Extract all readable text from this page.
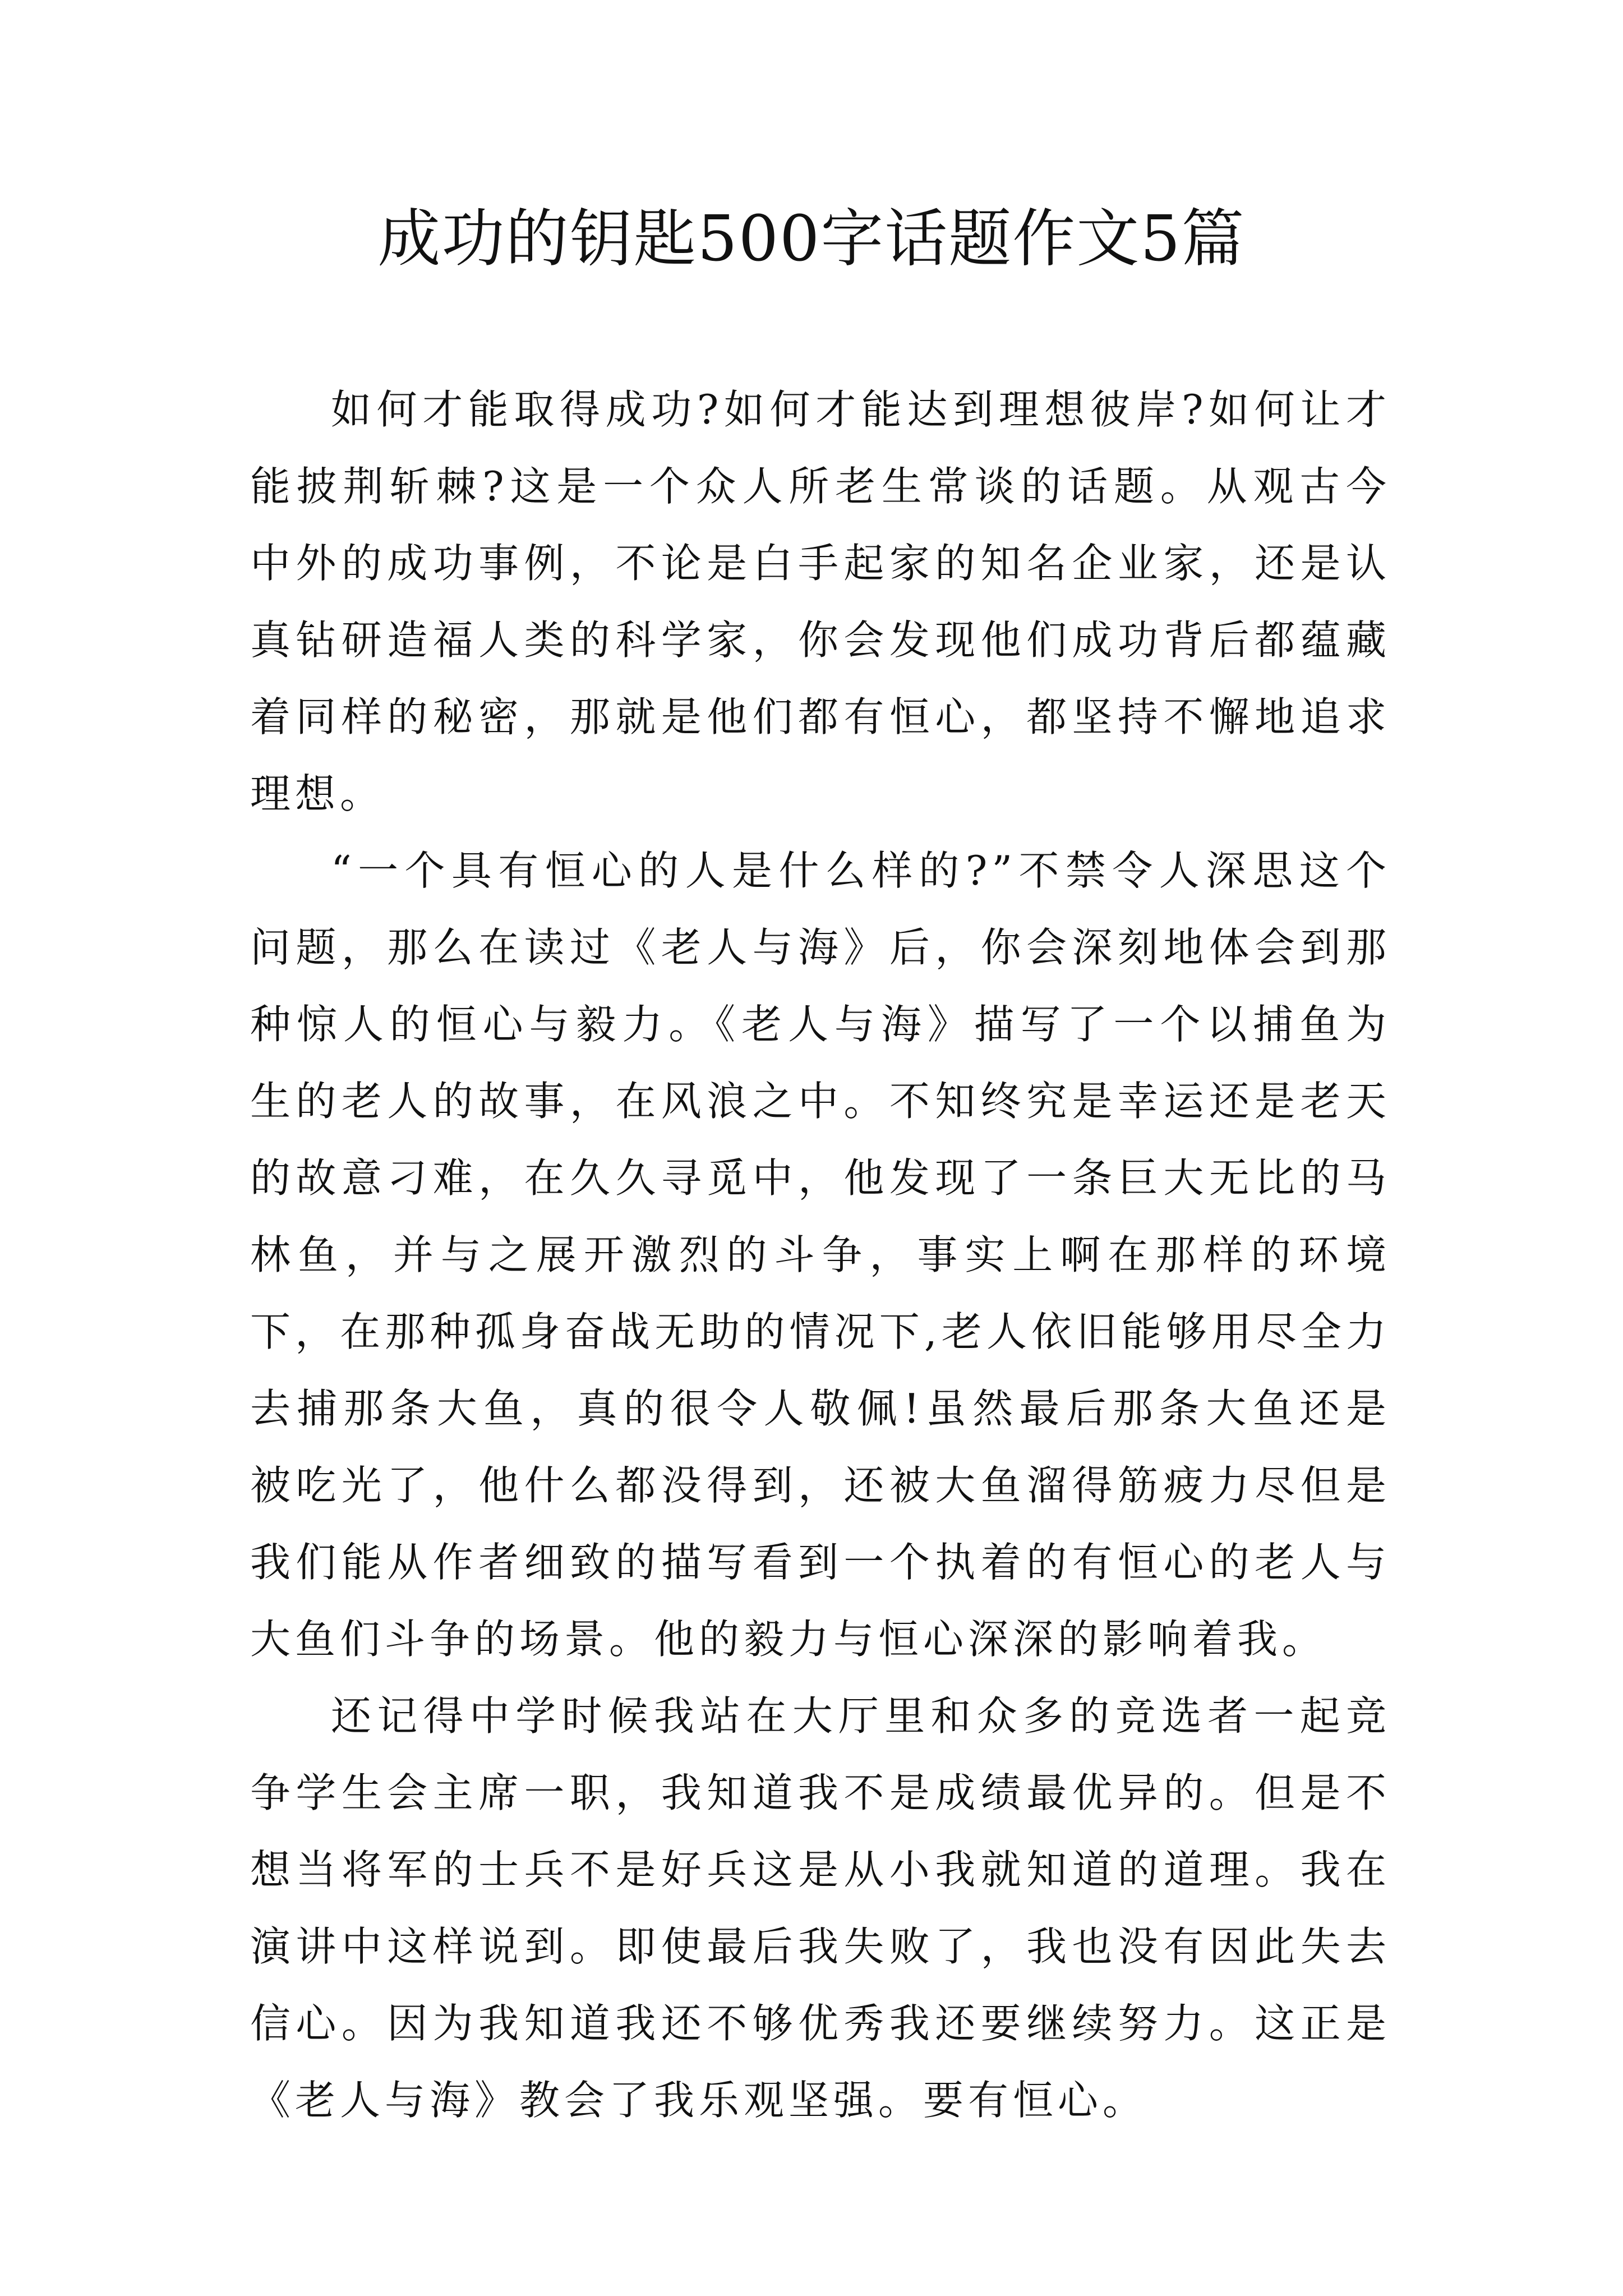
成功的钥匙500字话题作文5篇

如何才能取得成功?如何才能达到理想彼岸?如何让才能披荆斩棘?这是一个众人所老生常谈的话题。从观古今中外的成功事例，不论是白手起家的知名企业家，还是认真钻研造福人类的科学家，你会发现他们成功背后都蕴藏着同样的秘密，那就是他们都有恒心，都坚持不懈地追求理想。

“一个具有恒心的人是什么样的?”不禁令人深思这个问题，那么在读过《老人与海》后，你会深刻地体会到那种惊人的恒心与毅力。《老人与海》描写了一个以捕鱼为生的老人的故事，在风浪之中。不知终究是幸运还是老天的故意刁难，在久久寻觅中，他发现了一条巨大无比的马林鱼，并与之展开激烈的斗争，事实上啊在那样的环境下，在那种孤身奋战无助的情况下,老人依旧能够用尽全力去捕那条大鱼，真的很令人敬佩!虽然最后那条大鱼还是被吃光了，他什么都没得到，还被大鱼溜得筋疲力尽但是我们能从作者细致的描写看到一个执着的有恒心的老人与大鱼们斗争的场景。他的毅力与恒心深深的影响着我。

还记得中学时候我站在大厅里和众多的竞选者一起竞争学生会主席一职，我知道我不是成绩最优异的。但是不想当将军的士兵不是好兵这是从小我就知道的道理。我在演讲中这样说到。即使最后我失败了，我也没有因此失去信心。因为我知道我还不够优秀我还要继续努力。这正是《老人与海》教会了我乐观坚强。要有恒心。
